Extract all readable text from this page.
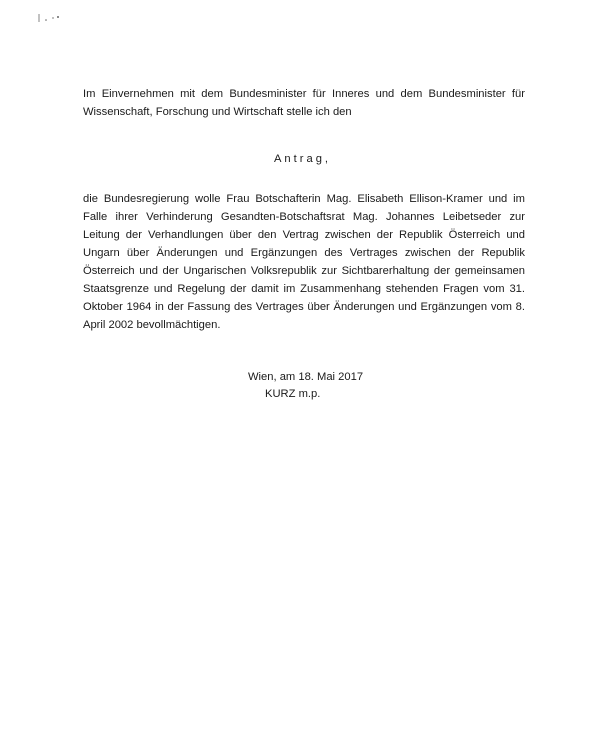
Im Einvernehmen mit dem Bundesminister für Inneres und dem Bundesminister für Wissenschaft, Forschung und Wirtschaft stelle ich den

Antrag,

die Bundesregierung wolle Frau Botschafterin Mag. Elisabeth Ellison-Kramer und im Falle ihrer Verhinderung Gesandten-Botschaftsrat Mag. Johannes Leibetseder zur Leitung der Verhandlungen über den Vertrag zwischen der Republik Österreich und Ungarn über Änderungen und Ergänzungen des Vertrages zwischen der Republik Österreich und der Ungarischen Volksrepublik zur Sichtbarerhaltung der gemeinsamen Staatsgrenze und Regelung der damit im Zusammenhang stehenden Fragen vom 31. Oktober 1964 in der Fassung des Vertrages über Änderungen und Ergänzungen vom 8. April 2002 bevollmächtigen.

Wien, am 18. Mai 2017

KURZ m.p.
